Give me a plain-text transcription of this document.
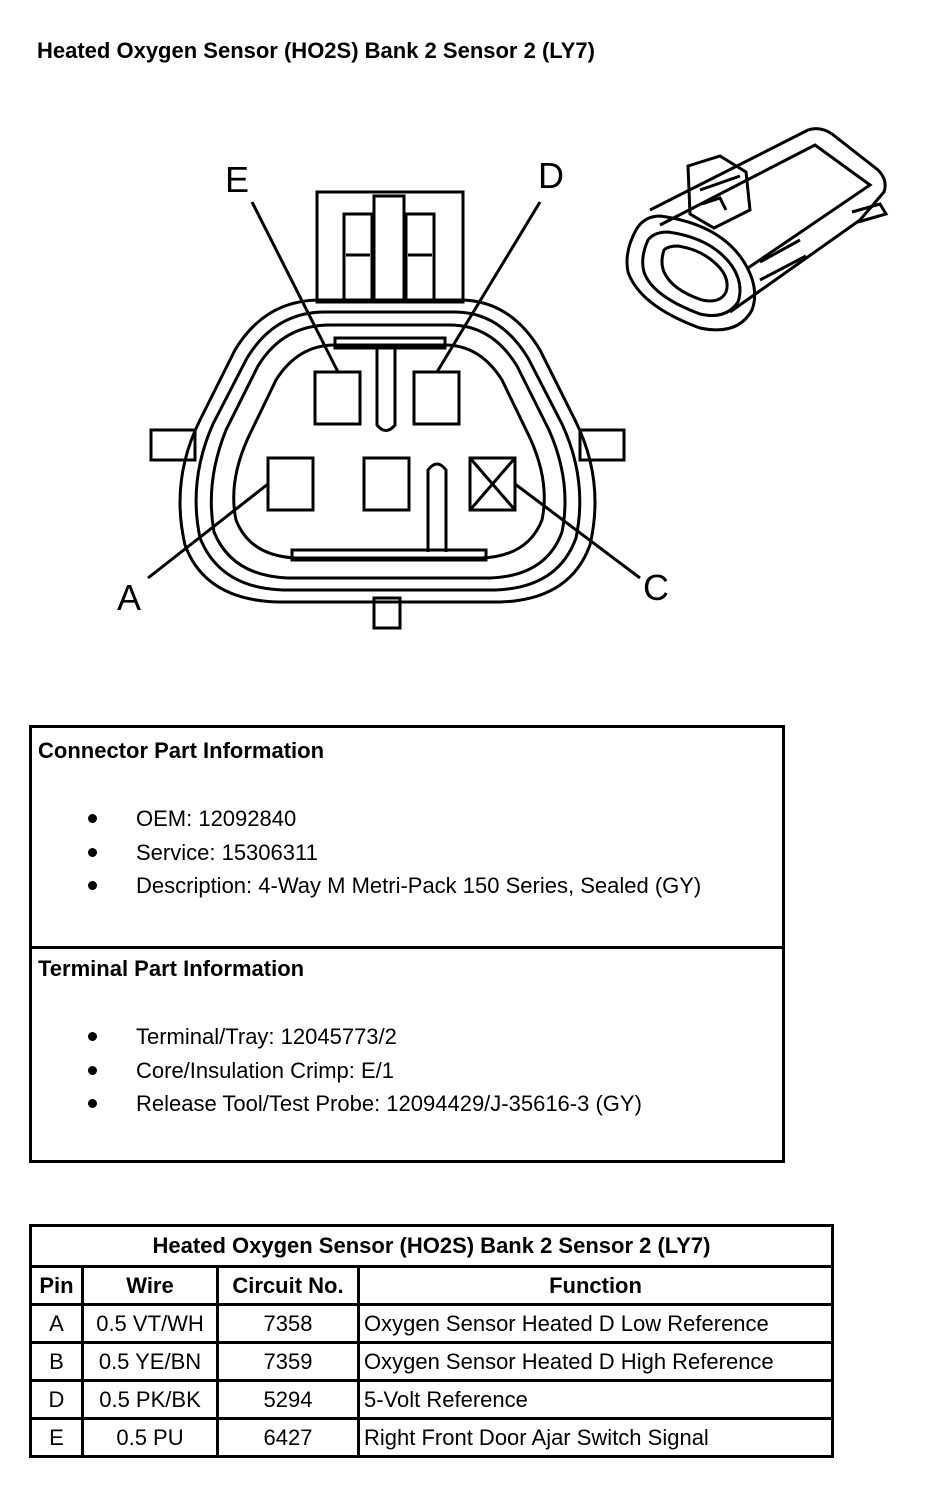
Heated Oxygen Sensor (HO2S) Bank 2 Sensor 2 (LY7)
E	D
A	C
Connector Part Information
OEM: 12092840
Service: 15306311
Description: 4-Way M Metri-Pack 150 Series, Sealed (GY)
Terminal Part Information
Terminal/Tray: 12045773/2
Core/Insulation Crimp: E/1
Release Tool/Test Probe: 12094429/J-35616-3 (GY)
Heated Oxygen Sensor (HO2S) Bank 2 Sensor 2 (LY7)			
Pin	Wire	Circuit No.	Function
A	0.5 VT/WH	7358	Oxygen Sensor Heated D Low Reference
B	0.5 YE/BN	7359	Oxygen Sensor Heated D High Reference
D	0.5 PK/BK	5294	5-Volt Reference
E	0.5 PU	6427	Right Front Door Ajar Switch Signal
